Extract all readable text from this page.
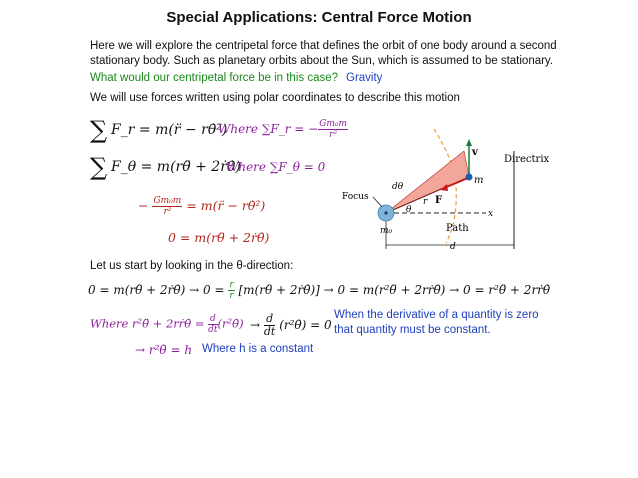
Special Applications: Central Force Motion
Here we will explore the centripetal force that defines the orbit of one body around a second
stationary body. Such as planetary orbits about the Sun, which is assumed to be stationary.
What would our centripetal force be in this case? Gravity
We will use forces written using polar coordinates to describe this motion
∑ F_r = m(r̈ − rθ̇²)
Where ∑F_r = − $\frac{\text{Gm₀m}}{\text{r²}}$
∑ F_θ = m(rθ̈ + 2ṙθ̇)
Where ∑F_θ = 0
− $\frac{\text{Gm₀m}}{\text{r²}}$ = m(r̈ − rθ̇²)
0 = m(rθ̈ + 2ṙθ̇)
Let us start by looking in the θ-direction:
0 = m(rθ̈ + 2ṙθ̇) → $0 = \frac{r}{r}$ [m(rθ̈ + 2ṙθ̇)] → 0 = m(r²θ̈ + 2rṙθ̇) → 0 = r²θ̈ + 2rṙθ̇
Where r²θ̈ + 2rṙθ̇ = $\frac{d}{dt}$ (r²θ̇) → $\frac{d}{dt}$ (r²θ̇) = 0
When the derivative of a quantity is zero
that quantity must be constant.
→ r²θ̇ = h Where h is a constant
v
m
Directrix
dθ
Focus	r F
θ	x
m₀	Path
d
